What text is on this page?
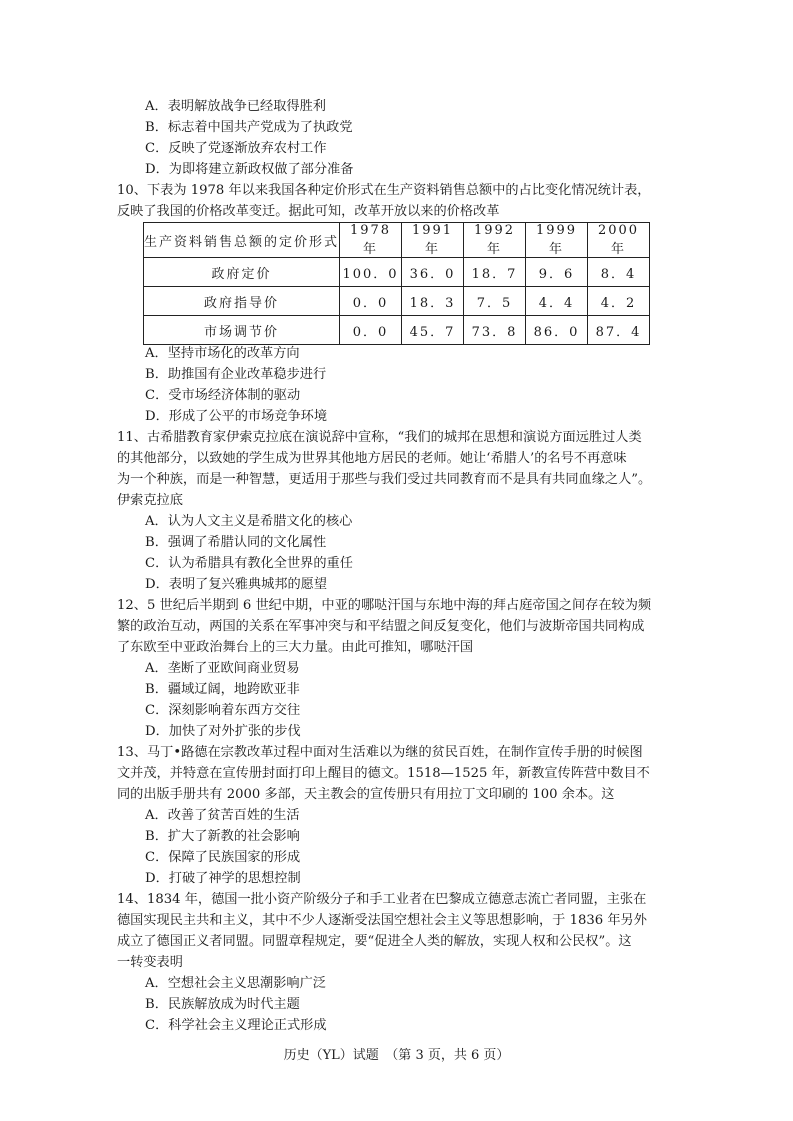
A．表明解放战争已经取得胜利
B．标志着中国共产党成为了执政党
C．反映了党逐渐放弃农村工作
D．为即将建立新政权做了部分准备
10、下表为 1978 年以来我国各种定价形式在生产资料销售总额中的占比变化情况统计表，
反映了我国的价格改革变迁。据此可知，改革开放以来的价格改革
生产资料销售总额的定价形式	1978 年	1991 年	1992 年	1999 年	2000 年
政府定价	100．0	36．0	18．7	9．6	8．4
政府指导价	0．0	18．3	7．5	4．4	4．2
市场调节价	0．0	45．7	73．8	86．0	87．4
A．坚持市场化的改革方向
B．助推国有企业改革稳步进行
C．受市场经济体制的驱动
D．形成了公平的市场竞争环境
11、古希腊教育家伊索克拉底在演说辞中宣称，“我们的城邦在思想和演说方面远胜过人类
的其他部分，以致她的学生成为世界其他地方居民的老师。她让‘希腊人’的名号不再意味
为一个种族，而是一种智慧，更适用于那些与我们受过共同教育而不是具有共同血缘之人”。
伊索克拉底
A．认为人文主义是希腊文化的核心
B．强调了希腊认同的文化属性
C．认为希腊具有教化全世界的重任
D．表明了复兴雅典城邦的愿望
12、5 世纪后半期到 6 世纪中期，中亚的哪哒汗国与东地中海的拜占庭帝国之间存在较为频
繁的政治互动，两国的关系在军事冲突与和平结盟之间反复变化，他们与波斯帝国共同构成
了东欧至中亚政治舞台上的三大力量。由此可推知，哪哒汗国
A．垄断了亚欧间商业贸易
B．疆域辽阔，地跨欧亚非
C．深刻影响着东西方交往
D．加快了对外扩张的步伐
13、马丁•路德在宗教改革过程中面对生活难以为继的贫民百姓，在制作宣传手册的时候图
文并茂，并特意在宣传册封面打印上醒目的德文。1518—1525 年，新教宣传阵营中数目不
同的出版手册共有 2000 多部，天主教会的宣传册只有用拉丁文印刷的 100 余本。这
A．改善了贫苦百姓的生活
B．扩大了新教的社会影响
C．保障了民族国家的形成
D．打破了神学的思想控制
14、1834 年，德国一批小资产阶级分子和手工业者在巴黎成立德意志流亡者同盟，主张在
德国实现民主共和主义，其中不少人逐渐受法国空想社会主义等思想影响，于 1836 年另外
成立了德国正义者同盟。同盟章程规定，要“促进全人类的解放，实现人权和公民权”。这
一转变表明
A．空想社会主义思潮影响广泛
B．民族解放成为时代主题
C．科学社会主义理论正式形成
历史（YL）试题　（第 3 页，共 6 页）
